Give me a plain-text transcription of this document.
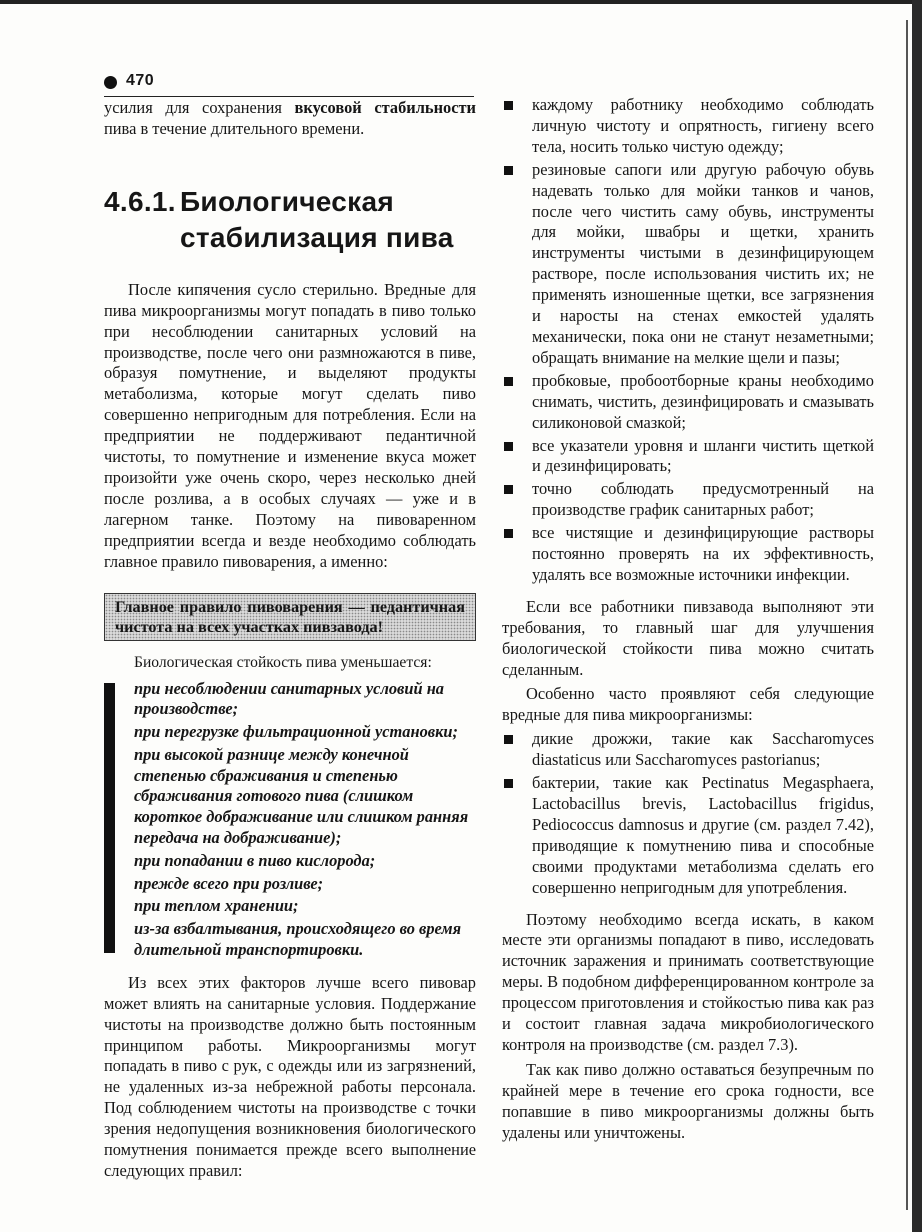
470

усилия для сохранения вкусовой стабильности пива в течение длительного времени.

4.6.1. Биологическая
стабилизация пива

После кипячения сусло стерильно. Вредные для пива микроорганизмы могут попадать в пиво только при несоблюдении санитарных условий на производстве, после чего они размножаются в пиве, образуя помутнение, и выделяют продукты метаболизма, которые могут сделать пиво совершенно непригодным для потребления. Если на предприятии не поддерживают педантичной чистоты, то помутнение и изменение вкуса может произойти уже очень скоро, через несколько дней после розлива, а в особых случаях — уже и в лагерном танке. Поэтому на пивоваренном предприятии всегда и везде необходимо соблюдать главное правило пивоварения, а именно:

Главное правило пивоварения — педантичная чистота на всех участках пивзавода!

Биологическая стойкость пива уменьшается:

при несоблюдении санитарных условий на производстве;
при перегрузке фильтрационной установки;
при высокой разнице между конечной степенью сбраживания и степенью сбраживания готового пива (слишком короткое дображивание или слишком ранняя передача на дображивание);
при попадании в пиво кислорода;
прежде всего при розливе;
при теплом хранении;
из-за взбалтывания, происходящего во время длительной транспортировки.

Из всех этих факторов лучше всего пивовар может влиять на санитарные условия. Поддержание чистоты на производстве должно быть постоянным принципом работы. Микроорганизмы могут попадать в пиво с рук, с одежды или из загрязнений, не удаленных из-за небрежной работы персонала. Под соблюдением чистоты на производстве с точки зрения недопущения возникновения биологического помутнения понимается прежде всего выполнение следующих правил:

каждому работнику необходимо соблюдать личную чистоту и опрятность, гигиену всего тела, носить только чистую одежду;
резиновые сапоги или другую рабочую обувь надевать только для мойки танков и чанов, после чего чистить саму обувь, инструменты для мойки, швабры и щетки, хранить инструменты чистыми в дезинфицирующем растворе, после использования чистить их; не применять изношенные щетки, все загрязнения и наросты на стенах емкостей удалять механически, пока они не станут незаметными; обращать внимание на мелкие щели и пазы;
пробковые, пробоотборные краны необходимо снимать, чистить, дезинфицировать и смазывать силиконовой смазкой;
все указатели уровня и шланги чистить щеткой и дезинфицировать;
точно соблюдать предусмотренный на производстве график санитарных работ;
все чистящие и дезинфицирующие растворы постоянно проверять на их эффективность, удалять все возможные источники инфекции.

Если все работники пивзавода выполняют эти требования, то главный шаг для улучшения биологической стойкости пива можно считать сделанным.

Особенно часто проявляют себя следующие вредные для пива микроорганизмы:

дикие дрожжи, такие как Saccharomyces diastaticus или Saccharomyces pastorianus;
бактерии, такие как Pectinatus Megasphaera, Lactobacillus brevis, Lactobacillus frigidus, Pediococcus damnosus и другие (см. раздел 7.42), приводящие к помутнению пива и способные своими продуктами метаболизма сделать его совершенно непригодным для употребления.

Поэтому необходимо всегда искать, в каком месте эти организмы попадают в пиво, исследовать источник заражения и принимать соответствующие меры. В подобном дифференцированном контроле за процессом приготовления и стойкостью пива как раз и состоит главная задача микробиологического контроля на производстве (см. раздел 7.3).

Так как пиво должно оставаться безупречным по крайней мере в течение его срока годности, все попавшие в пиво микроорганизмы должны быть удалены или уничтожены.
